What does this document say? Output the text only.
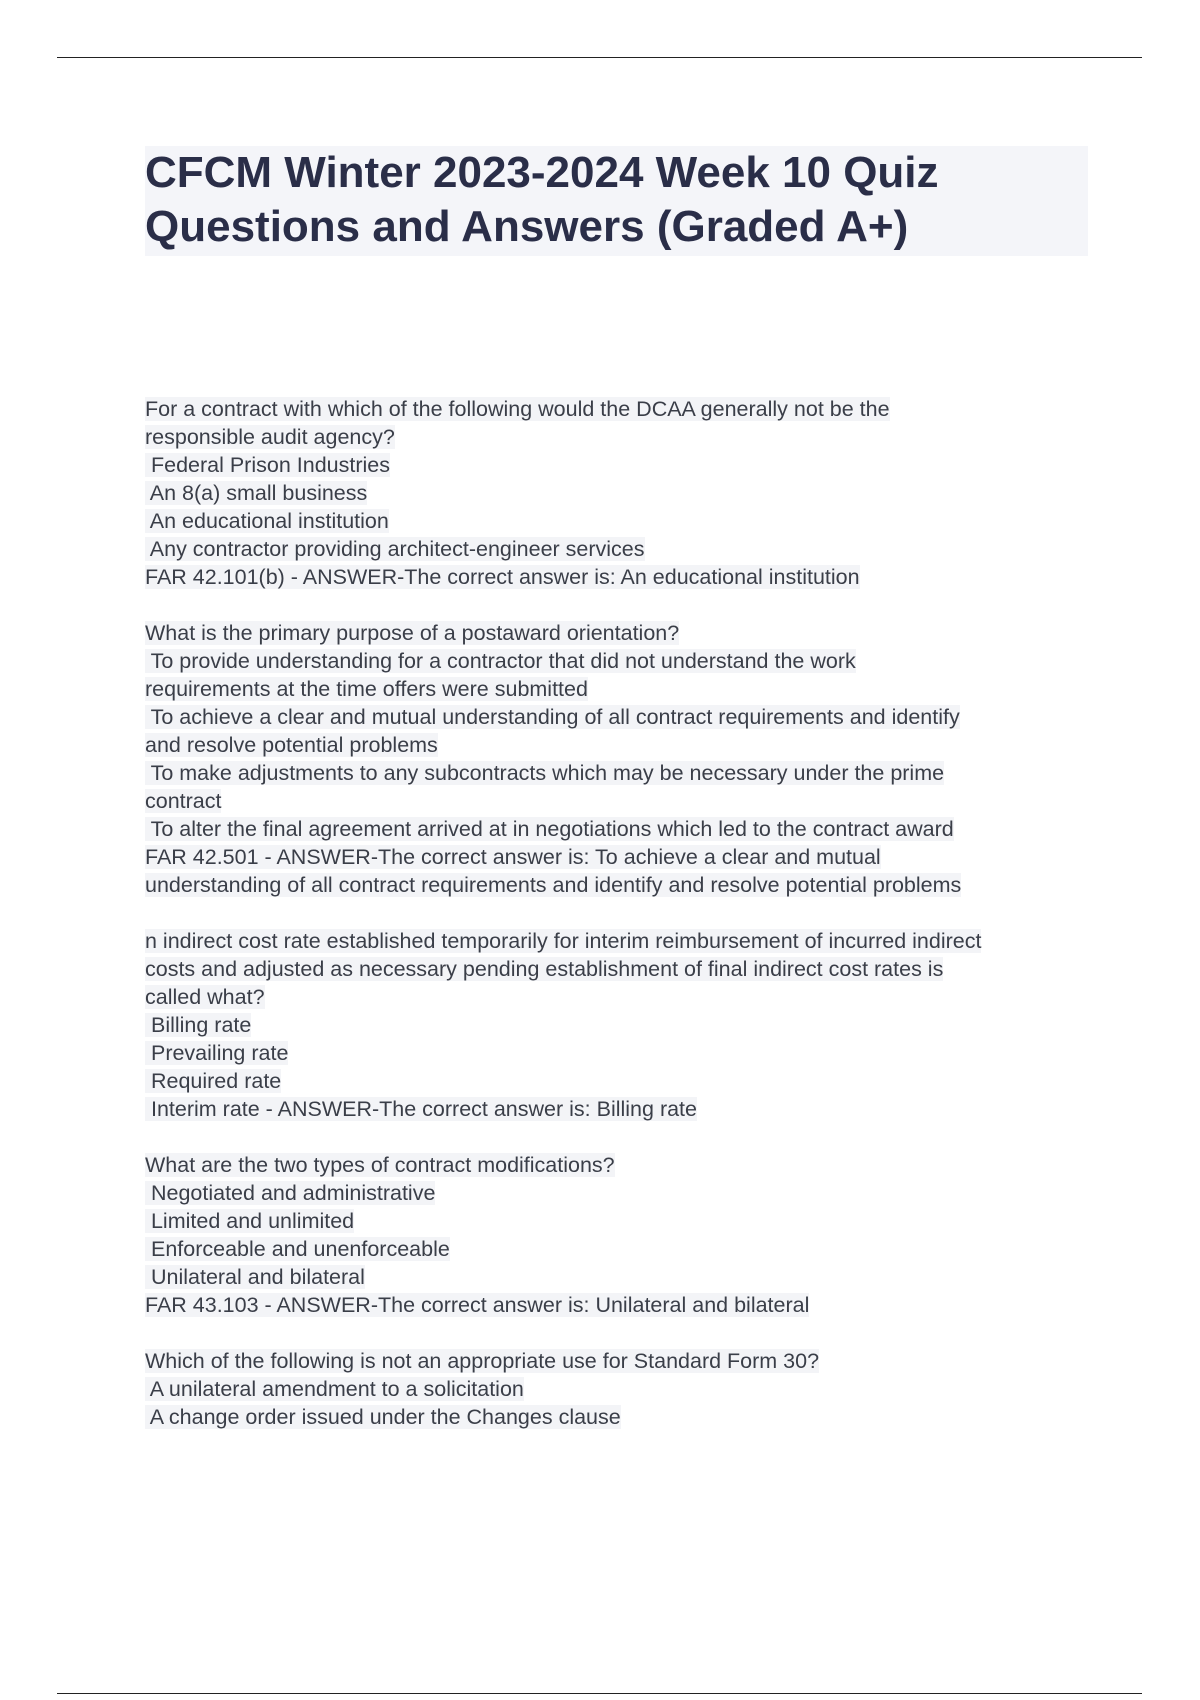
CFCM Winter 2023-2024 Week 10 Quiz
Questions and Answers (Graded A+)
For a contract with which of the following would the DCAA generally not be the
responsible audit agency?
Federal Prison Industries
An 8(a) small business
An educational institution
Any contractor providing architect-engineer services
FAR 42.101(b) - ANSWER-The correct answer is: An educational institution
What is the primary purpose of a postaward orientation?
To provide understanding for a contractor that did not understand the work
requirements at the time offers were submitted
To achieve a clear and mutual understanding of all contract requirements and identify
and resolve potential problems
To make adjustments to any subcontracts which may be necessary under the prime
contract
To alter the final agreement arrived at in negotiations which led to the contract award
FAR 42.501 - ANSWER-The correct answer is: To achieve a clear and mutual
understanding of all contract requirements and identify and resolve potential problems
n indirect cost rate established temporarily for interim reimbursement of incurred indirect
costs and adjusted as necessary pending establishment of final indirect cost rates is
called what?
Billing rate
Prevailing rate
Required rate
Interim rate - ANSWER-The correct answer is: Billing rate
What are the two types of contract modifications?
Negotiated and administrative
Limited and unlimited
Enforceable and unenforceable
Unilateral and bilateral
FAR 43.103 - ANSWER-The correct answer is: Unilateral and bilateral
Which of the following is not an appropriate use for Standard Form 30?
A unilateral amendment to a solicitation
A change order issued under the Changes clause
